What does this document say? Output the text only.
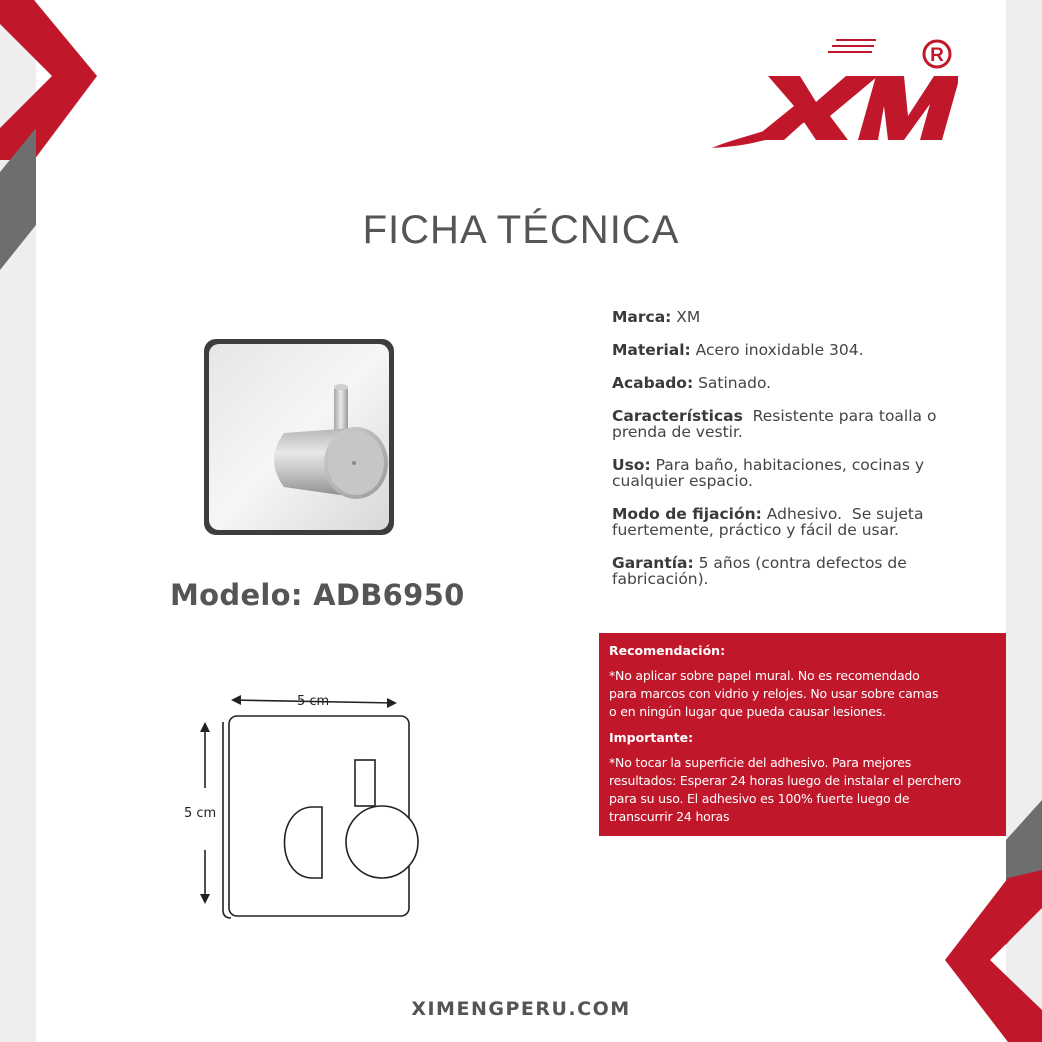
R
FICHA TÉCNICA
Modelo: ADB6950
5 cm
5 cm
Marca: XM
Material: Acero inoxidable 304.
Acabado: Satinado.
Características  Resistente para toalla o prenda de vestir.
Uso: Para baño, habitaciones, cocinas y cualquier espacio.
Modo de fijación: Adhesivo.  Se sujeta fuertemente, práctico y fácil de usar.
Garantía: 5 años (contra defectos de fabricación).
Recomendación:

*No aplicar sobre papel mural. No es recomendado
para marcos con vidrio y relojes. No usar sobre camas
o en ningún lugar que pueda causar lesiones.

Importante:

*No tocar la superficie del adhesivo. Para mejores
resultados: Esperar 24 horas luego de instalar el perchero
para su uso. El adhesivo es 100% fuerte luego de
transcurrir 24 horas

XIMENGPERU.COM
